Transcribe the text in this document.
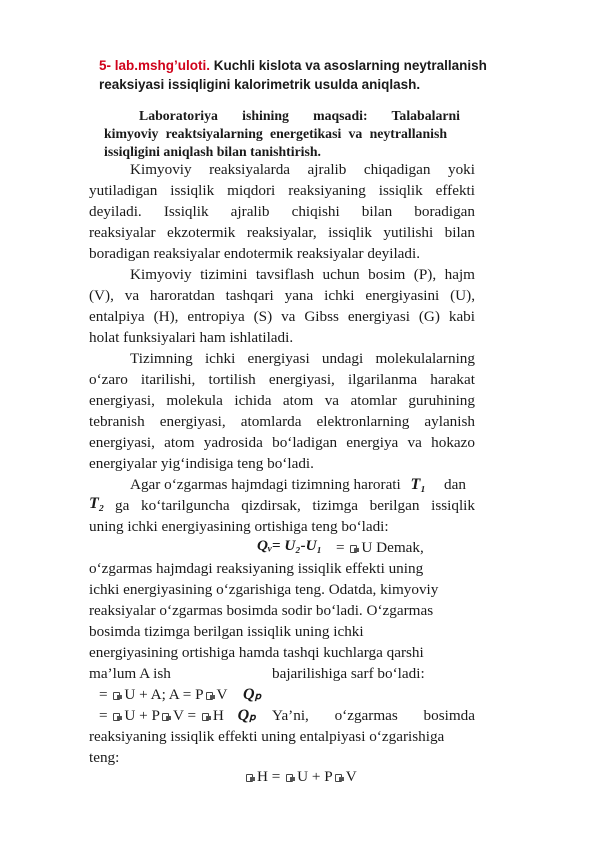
5- lab.mshg’uloti. Kuchli kislota va asoslarning neytrallanish
reaksiyasi issiqligini kalorimetrik usulda aniqlash.
Laboratoriya ishining maqsadi: Talabalarni
kimyoviy reaktsiyalarning energetikasi va neytrallanish
issiqligini aniqlash bilan tanishtirish.
Kimyoviy reaksiyalarda ajralib chiqadigan yoki
yutiladigan issiqlik miqdori reaksiyaning issiqlik effekti
deyiladi. Issiqlik ajralib chiqishi bilan boradigan
reaksiyalar ekzotermik reaksiyalar, issiqlik yutilishi bilan
boradigan reaksiyalar endotermik reaksiyalar deyiladi.
Kimyoviy tizimini tavsiflash uchun bosim (P), hajm
(V), va haroratdan tashqari yana ichki energiyasini (U),
entalpiya (H), entropiya (S) va Gibss energiyasi (G) kabi
holat funksiyalari ham ishlatiladi.
Tizimning ichki energiyasi undagi molekulalarning
o‘zaro itarilishi, tortilish energiyasi, ilgarilanma harakat
energiyasi, molekula ichida atom va atomlar guruhining
tebranish energiyasi, atomlarda elektronlarning aylanish
energiyasi, atom yadrosida bo‘ladigan energiya va hokazo
energiyalar yig‘indisiga teng bo‘ladi.
Agar o‘zgarmas hajmdagi tizimning harorati T₁ dan
T₂ ga ko‘tarilguncha qizdirsak, tizimga berilgan issiqlik
uning ichki energiyasining ortishiga teng bo‘ladi:
Qᵥ= U₂-U₁ = U Demak,
o‘zgarmas hajmdagi reaksiyaning issiqlik effekti uning
ichki energiyasining o‘zgarishiga teng. Odatda, kimyoviy
reaksiyalar o‘zgarmas bosimda sodir bo‘ladi. O‘zgarmas
bosimda tizimga berilgan issiqlik uning ichki
energiyasining ortishiga hamda tashqi kuchlarga qarshi
ma’lum A ish	bajarilishiga sarf bo‘ladi:
= U + A; A = P V Qₚ
= U + P V = H Qₚ Ya’ni, o‘zgarmas bosimda
reaksiyaning issiqlik effekti uning entalpiyasi o‘zgarishiga
teng:
H = U + P V
